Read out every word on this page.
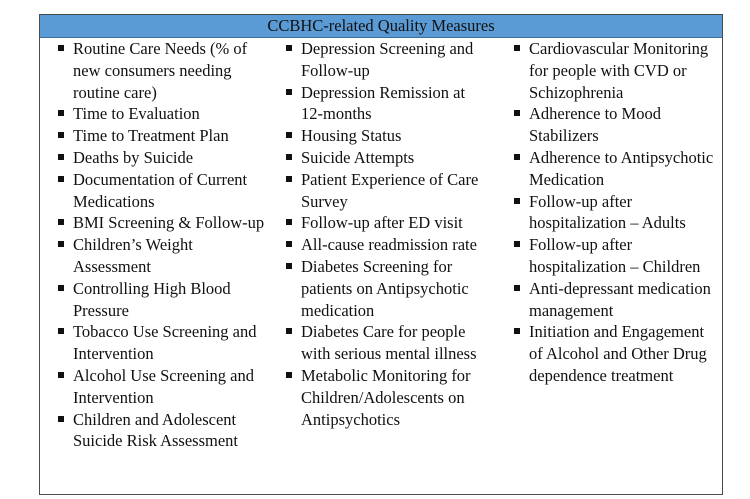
CCBHC-related Quality Measures
Routine Care Needs (% of new consumers needing routine care)
Time to Evaluation
Time to Treatment Plan
Deaths by Suicide
Documentation of Current Medications
BMI Screening & Follow-up
Children’s Weight Assessment
Controlling High Blood Pressure
Tobacco Use Screening and Intervention
Alcohol Use Screening and Intervention
Children and Adolescent Suicide Risk Assessment
Depression Screening and Follow-up
Depression Remission at 12-months
Housing Status
Suicide Attempts
Patient Experience of Care Survey
Follow-up after ED visit
All-cause readmission rate
Diabetes Screening for patients on Antipsychotic medication
Diabetes Care for people with serious mental illness
Metabolic Monitoring for Children/Adolescents on Antipsychotics
Cardiovascular Monitoring for people with CVD or Schizophrenia
Adherence to Mood Stabilizers
Adherence to Antipsychotic Medication
Follow-up after hospitalization – Adults
Follow-up after hospitalization – Children
Anti-depressant medication management
Initiation and Engagement of Alcohol and Other Drug dependence treatment
